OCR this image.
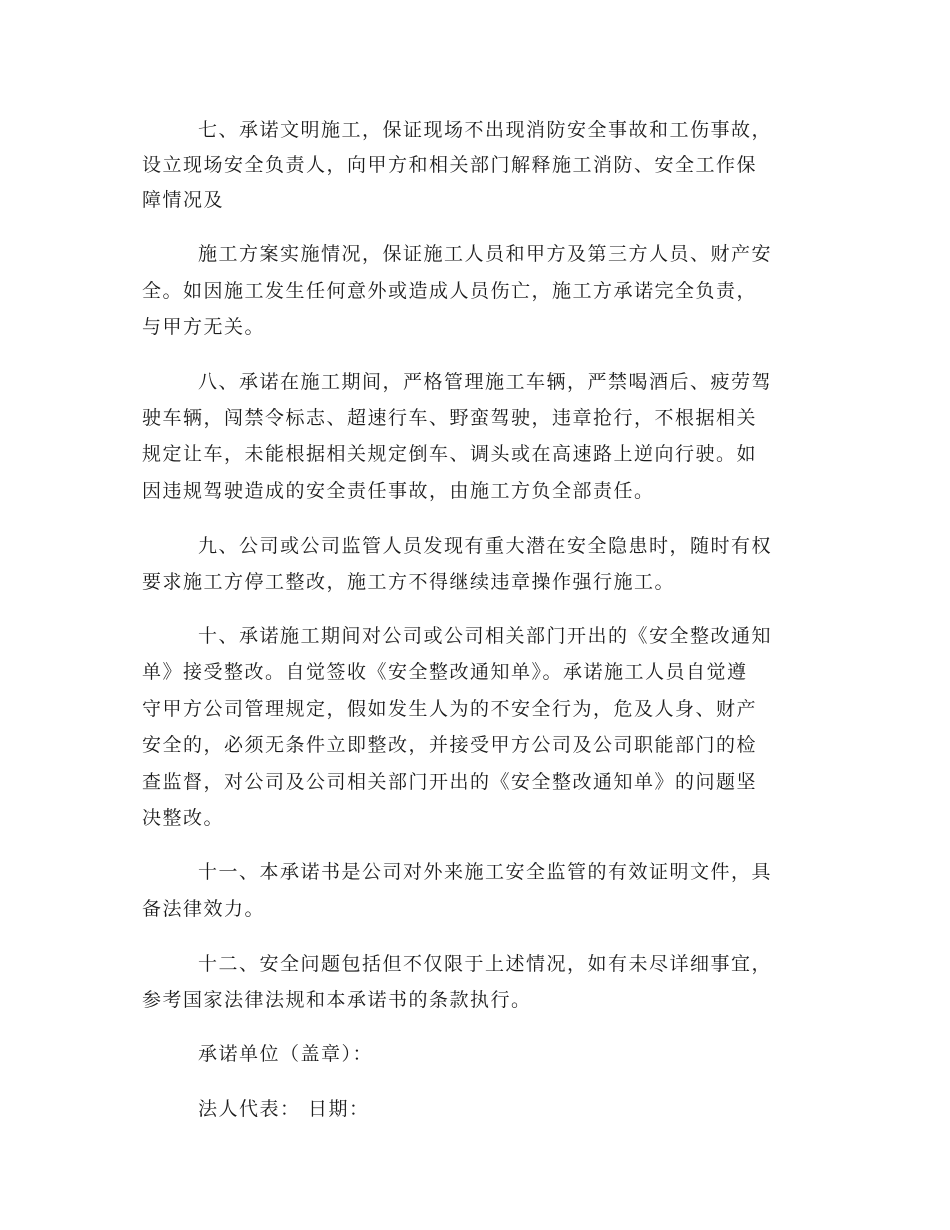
七、承诺文明施工，保证现场不出现消防安全事故和工伤事故，
设立现场安全负责人，向甲方和相关部门解释施工消防、安全工作保
障情况及
施工方案实施情况，保证施工人员和甲方及第三方人员、财产安
全。如因施工发生任何意外或造成人员伤亡，施工方承诺完全负责，
与甲方无关。
八、承诺在施工期间，严格管理施工车辆，严禁喝酒后、疲劳驾
驶车辆，闯禁令标志、超速行车、野蛮驾驶，违章抢行，不根据相关
规定让车，未能根据相关规定倒车、调头或在高速路上逆向行驶。如
因违规驾驶造成的安全责任事故，由施工方负全部责任。
九、公司或公司监管人员发现有重大潜在安全隐患时，随时有权
要求施工方停工整改，施工方不得继续违章操作强行施工。
十、承诺施工期间对公司或公司相关部门开出的《安全整改通知
单》接受整改。自觉签收《安全整改通知单》。承诺施工人员自觉遵
守甲方公司管理规定，假如发生人为的不安全行为，危及人身、财产
安全的，必须无条件立即整改，并接受甲方公司及公司职能部门的检
查监督，对公司及公司相关部门开出的《安全整改通知单》的问题坚
决整改。
十一、本承诺书是公司对外来施工安全监管的有效证明文件，具
备法律效力。
十二、安全问题包括但不仅限于上述情况，如有未尽详细事宜，
参考国家法律法规和本承诺书的条款执行。
承诺单位（盖章）：
法人代表： 日期：
